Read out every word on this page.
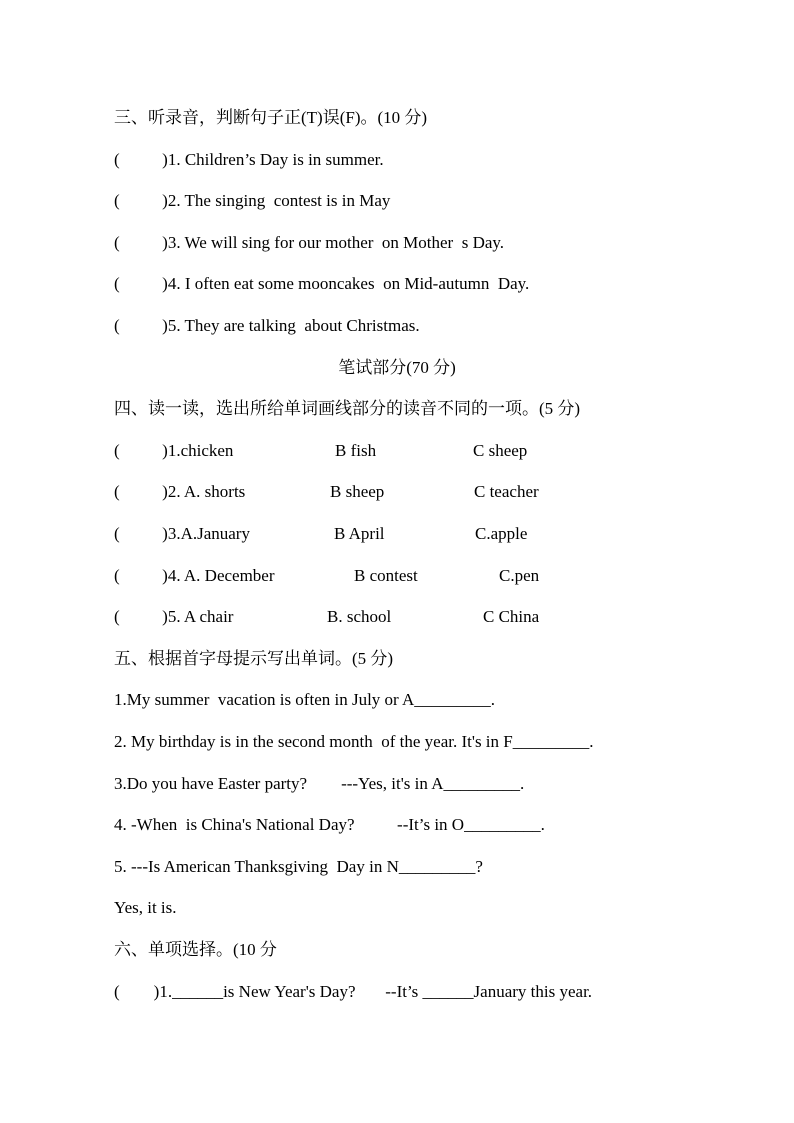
三、听录音，判断句子正(T)误(F)。(10 分)
(          )1. Children’s Day is in summer.
(          )2. The singing  contest is in May
(          )3. We will sing for our mother  on Mother  s Day.
(          )4. I often eat some mooncakes  on Mid-autumn  Day.
(          )5. They are talking  about Christmas.
笔试部分(70 分)
四、读一读，选出所给单词画线部分的读音不同的一项。(5 分)
(          )1.chicken	B fish	C sheep
(          )2. A. shorts	B sheep	C teacher
(          )3.A.January	B April	C.apple
(          )4. A. December	B contest	C.pen
(          )5. A chair	B. school	C China
五、根据首字母提示写出单词。(5 分)
1.My summer  vacation is often in July or A_________.
2. My birthday is in the second month  of the year. It's in F_________.
3.Do you have Easter party?        ---Yes, it's in A_________.
4. -When  is China's National Day?          --It’s in O_________.
5. ---Is American Thanksgiving  Day in N_________?
Yes, it is.
六、单项选择。(10 分
(        )1.______is New Year's Day?       --It’s ______January this year.
